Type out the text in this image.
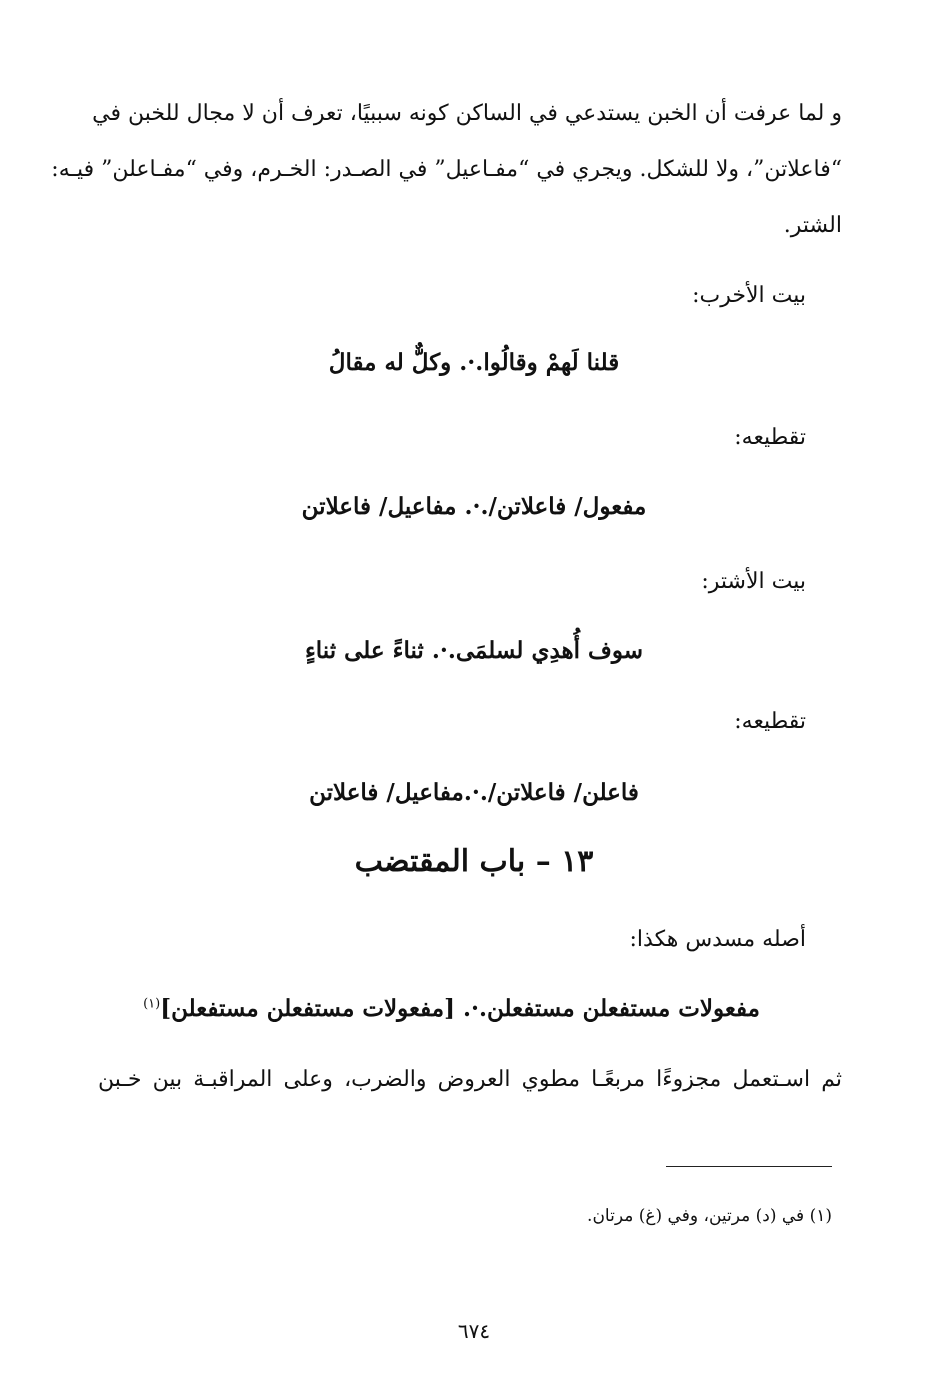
و لما عرفت أن الخبن يستدعي في الساكن كونه سببيًا، تعرف أن لا مجال للخبن في
“فاعلاتن”، ولا للشكل. ويجري في “مفـاعيل” في الصـدر: الخـرم، وفي “مفـاعلن” فيـه:
الشتر.
بيت الأخرب:
قلنا لَهمْ وقالُوا.·. وكلٌّ له مقالُ
تقطيعه:
مفعول/ فاعلاتن/.·. مفاعيل/ فاعلاتن
بيت الأشتر:
سوف أُهدِي لسلمَى.·. ثناءً على ثناءٍ
تقطيعه:
فاعلن/ فاعلاتن/.·.مفاعيل/ فاعلاتن
١٣ – باب المقتضب
أصله مسدس هكذا:
مفعولات مستفعلن مستفعلن.·. [مفعولات مستفعلن مستفعلن]$^{(١)}$
ثم اسـتعمل مجزوءًا مربعًـا مطوي العروض والضرب، وعلى المراقبـة بين خـبن
(١) في (د) مرتين، وفي (غ) مرتان.
٦٧٤
